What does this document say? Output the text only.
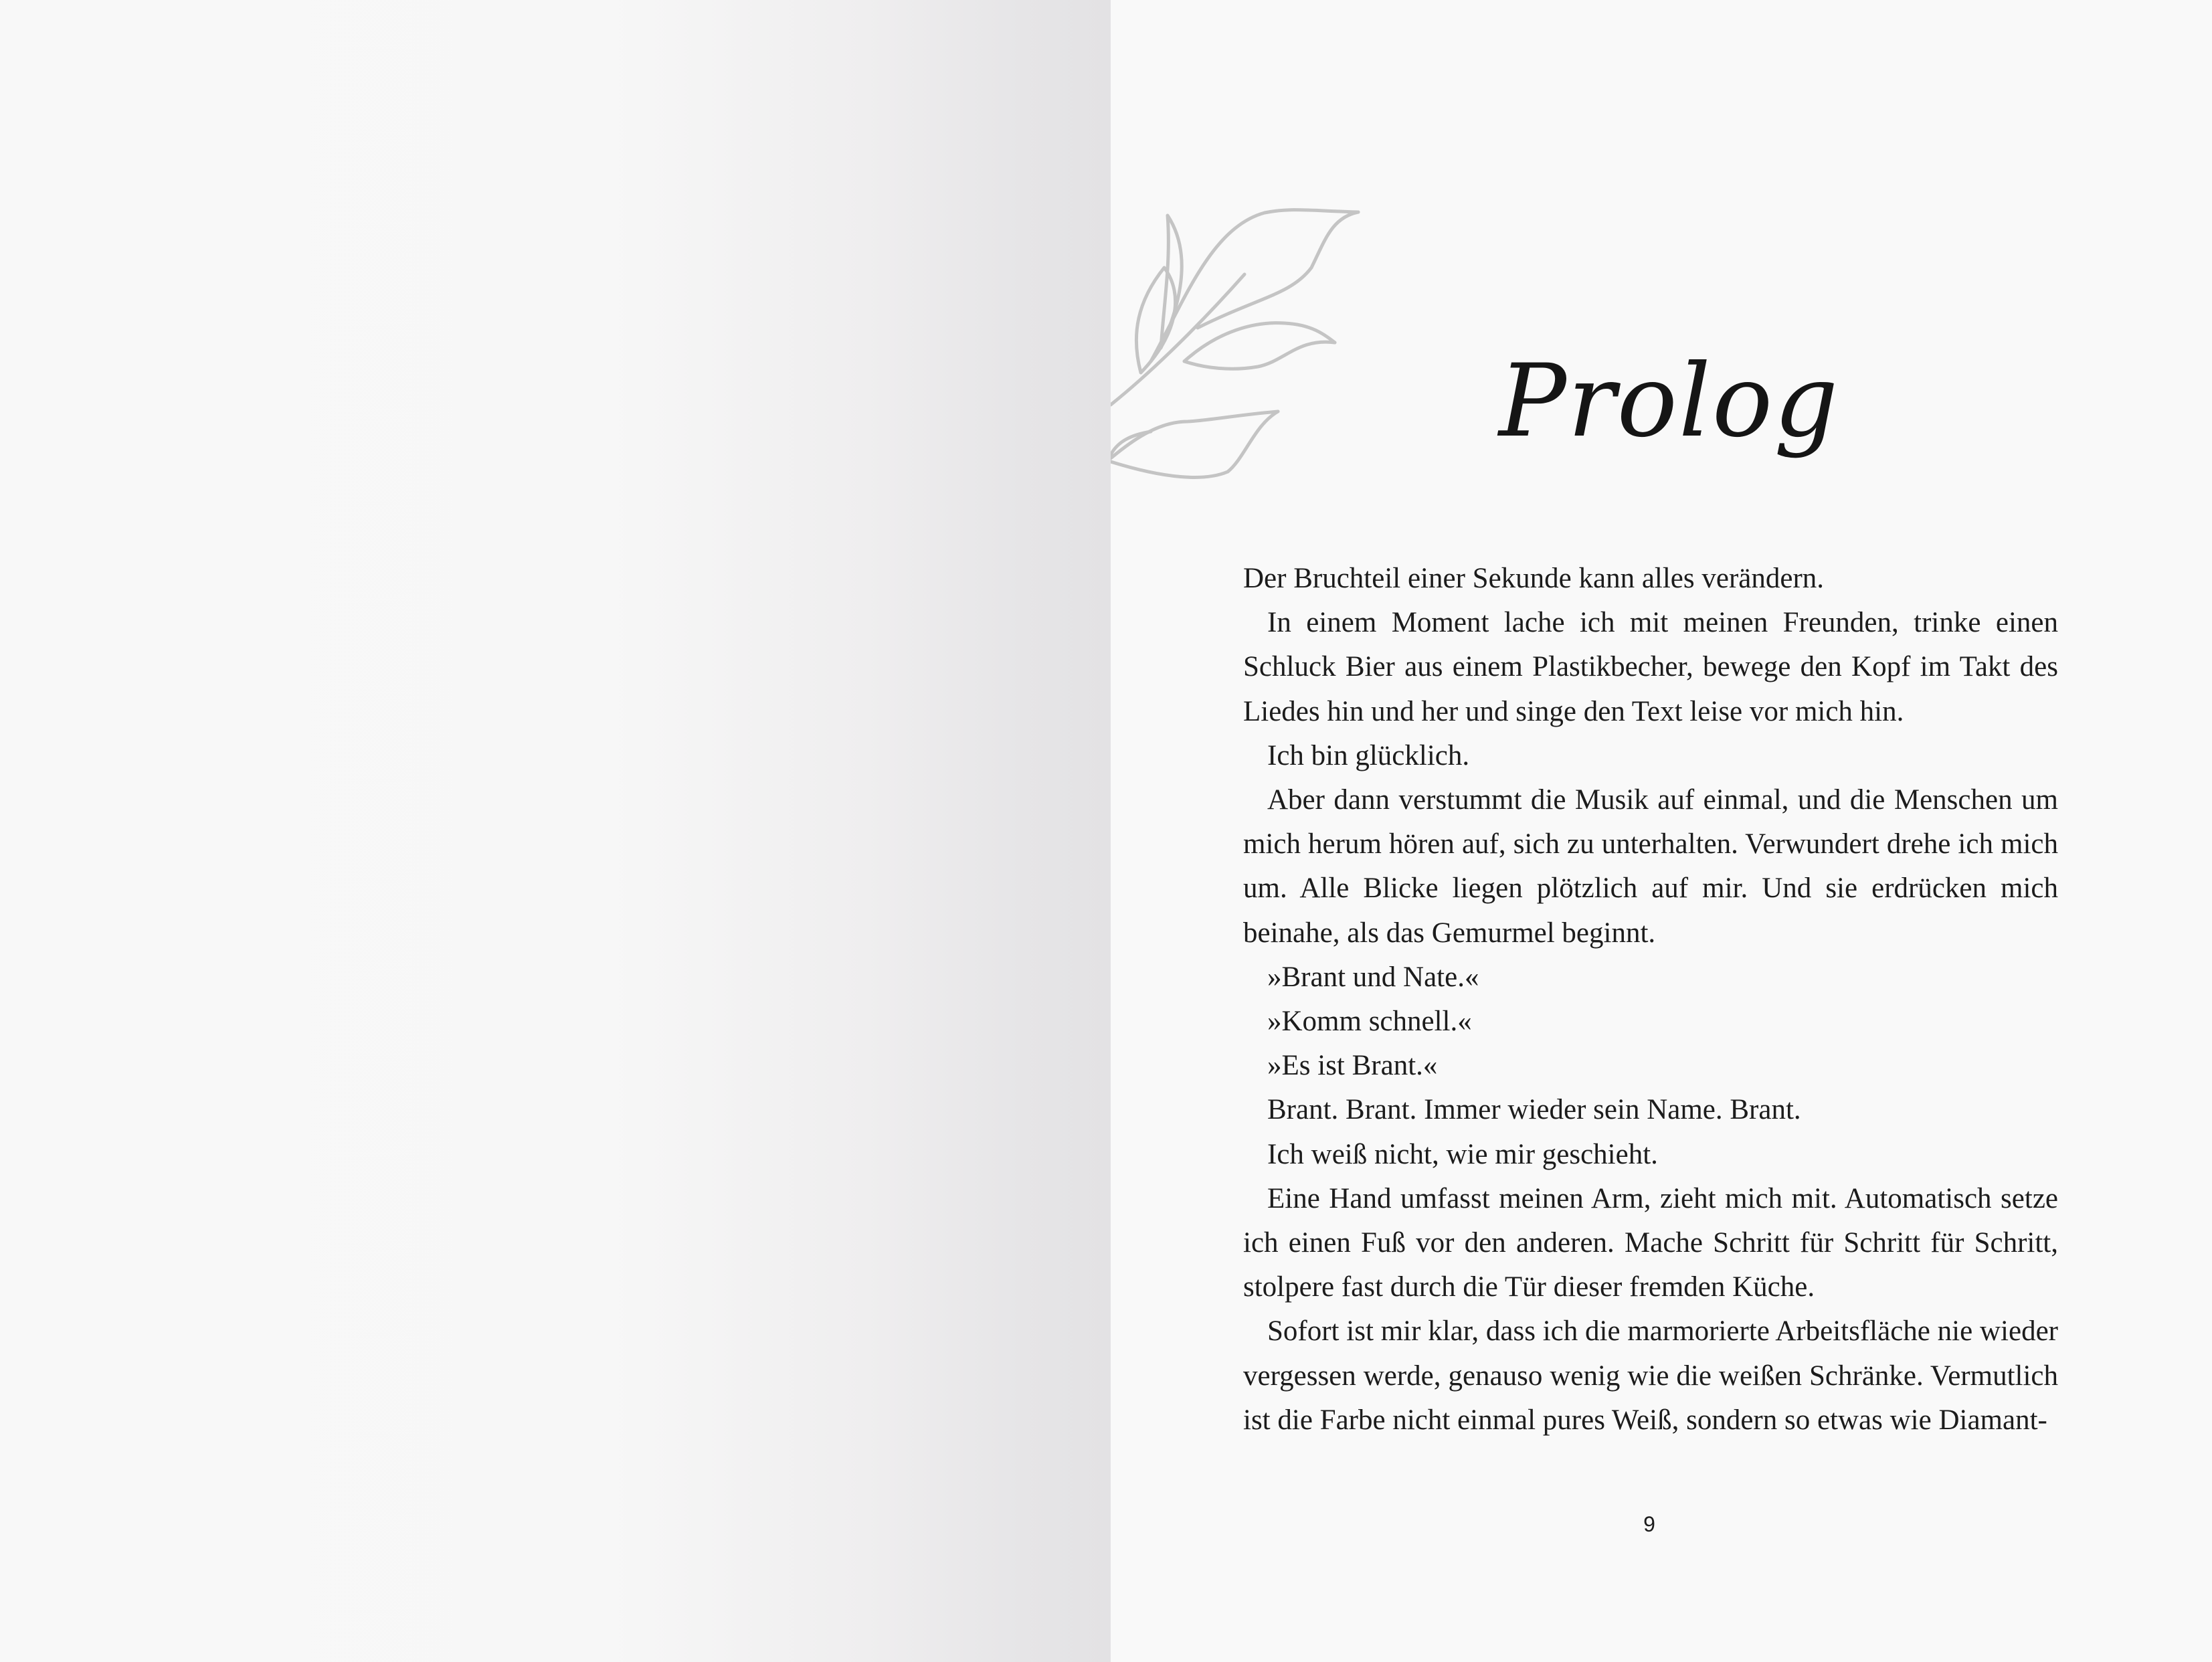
Prolog

Der Bruchteil einer Sekunde kann alles verändern.

In einem Moment lache ich mit meinen Freunden, trinke einen Schluck Bier aus einem Plastikbecher, bewege den Kopf im Takt des Liedes hin und her und singe den Text leise vor mich hin.

Ich bin glücklich.

Aber dann verstummt die Musik auf einmal, und die Menschen um mich herum hören auf, sich zu unterhalten. Verwundert drehe ich mich um. Alle Blicke liegen plötzlich auf mir. Und sie erdrücken mich beinahe, als das Gemurmel beginnt.

»Brant und Nate.«

»Komm schnell.«

»Es ist Brant.«

Brant. Brant. Immer wieder sein Name. Brant.

Ich weiß nicht, wie mir geschieht.

Eine Hand umfasst meinen Arm, zieht mich mit. Automatisch setze ich einen Fuß vor den anderen. Mache Schritt für Schritt für Schritt, stolpere fast durch die Tür dieser fremden Küche.

Sofort ist mir klar, dass ich die marmorierte Arbeitsfläche nie wieder vergessen werde, genauso wenig wie die weißen Schränke. Vermutlich ist die Farbe nicht einmal pures Weiß, sondern so etwas wie Diamant-

9
